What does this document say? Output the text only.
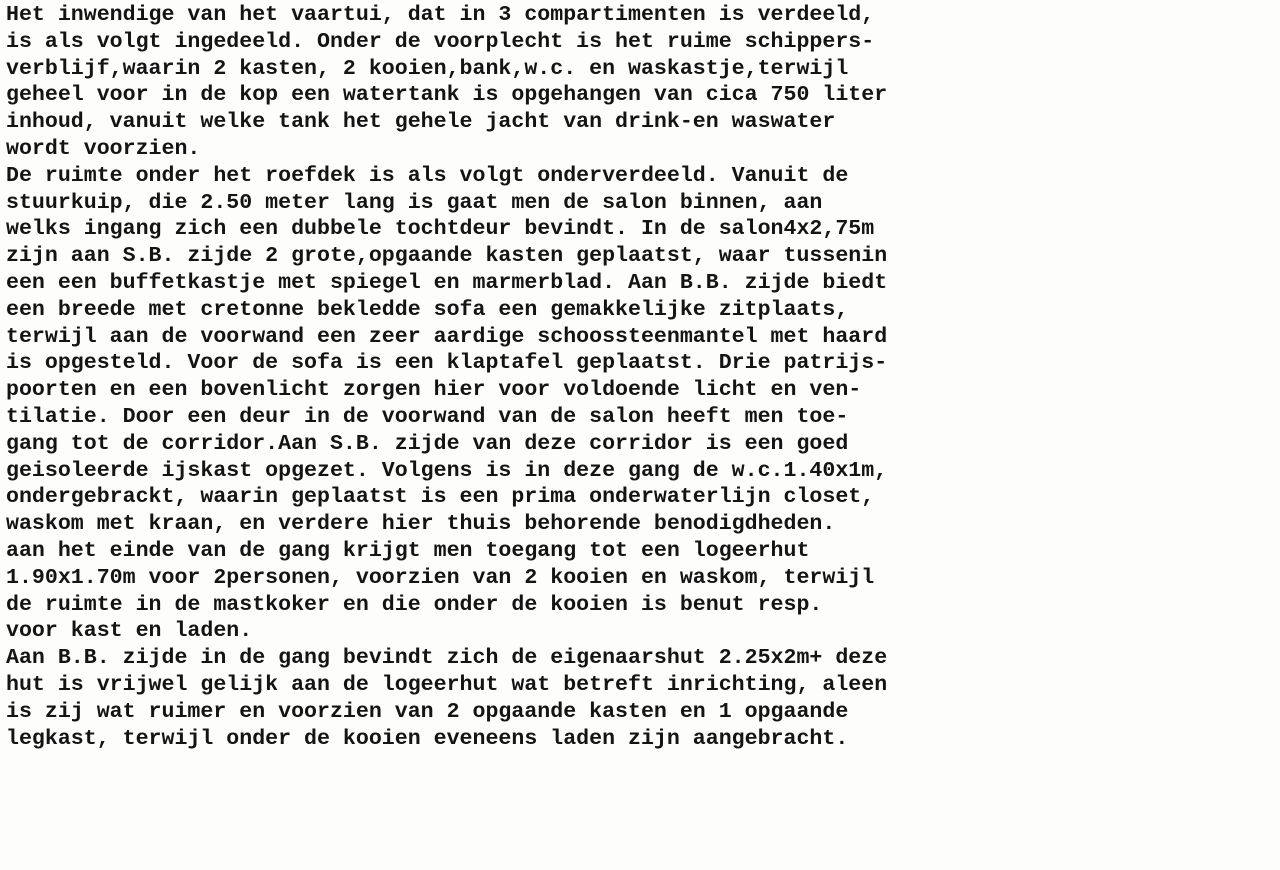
Het inwendige van het vaartui, dat in 3 compartimenten is verdeeld,
is als volgt ingedeeld. Onder de voorplecht is het ruime schippers-
verblijf,waarin 2 kasten, 2 kooien,bank,w.c. en waskastje,terwijl
geheel voor in de kop een watertank is opgehangen van cica 750 liter
inhoud, vanuit welke tank het gehele jacht van drink-en waswater
wordt voorzien.
De ruimte onder het roefdek is als volgt onderverdeeld. Vanuit de
stuurkuip, die 2.50 meter lang is gaat men de salon binnen, aan
welks ingang zich een dubbele tochtdeur bevindt. In de salon4x2,75m
zijn aan S.B. zijde 2 grote,opgaande kasten geplaatst, waar tussenin
een een buffetkastje met spiegel en marmerblad. Aan B.B. zijde biedt
een breede met cretonne bekledde sofa een gemakkelijke zitplaats,
terwijl aan de voorwand een zeer aardige schoossteenmantel met haard
is opgesteld. Voor de sofa is een klaptafel geplaatst. Drie patrijs-
poorten en een bovenlicht zorgen hier voor voldoende licht en ven-
tilatie. Door een deur in de voorwand van de salon heeft men toe-
gang tot de corridor.Aan S.B. zijde van deze corridor is een goed
geisoleerde ijskast opgezet. Volgens is in deze gang de w.c.1.40x1m,
ondergebrackt, waarin geplaatst is een prima onderwaterlijn closet,
waskom met kraan, en verdere hier thuis behorende benodigdheden.
aan het einde van de gang krijgt men toegang tot een logeerhut
1.90x1.70m voor 2personen, voorzien van 2 kooien en waskom, terwijl
de ruimte in de mastkoker en die onder de kooien is benut resp.
voor kast en laden.
Aan B.B. zijde in de gang bevindt zich de eigenaarshut 2.25x2m+ deze
hut is vrijwel gelijk aan de logeerhut wat betreft inrichting, aleen
is zij wat ruimer en voorzien van 2 opgaande kasten en 1 opgaande
legkast, terwijl onder de kooien eveneens laden zijn aangebracht.
